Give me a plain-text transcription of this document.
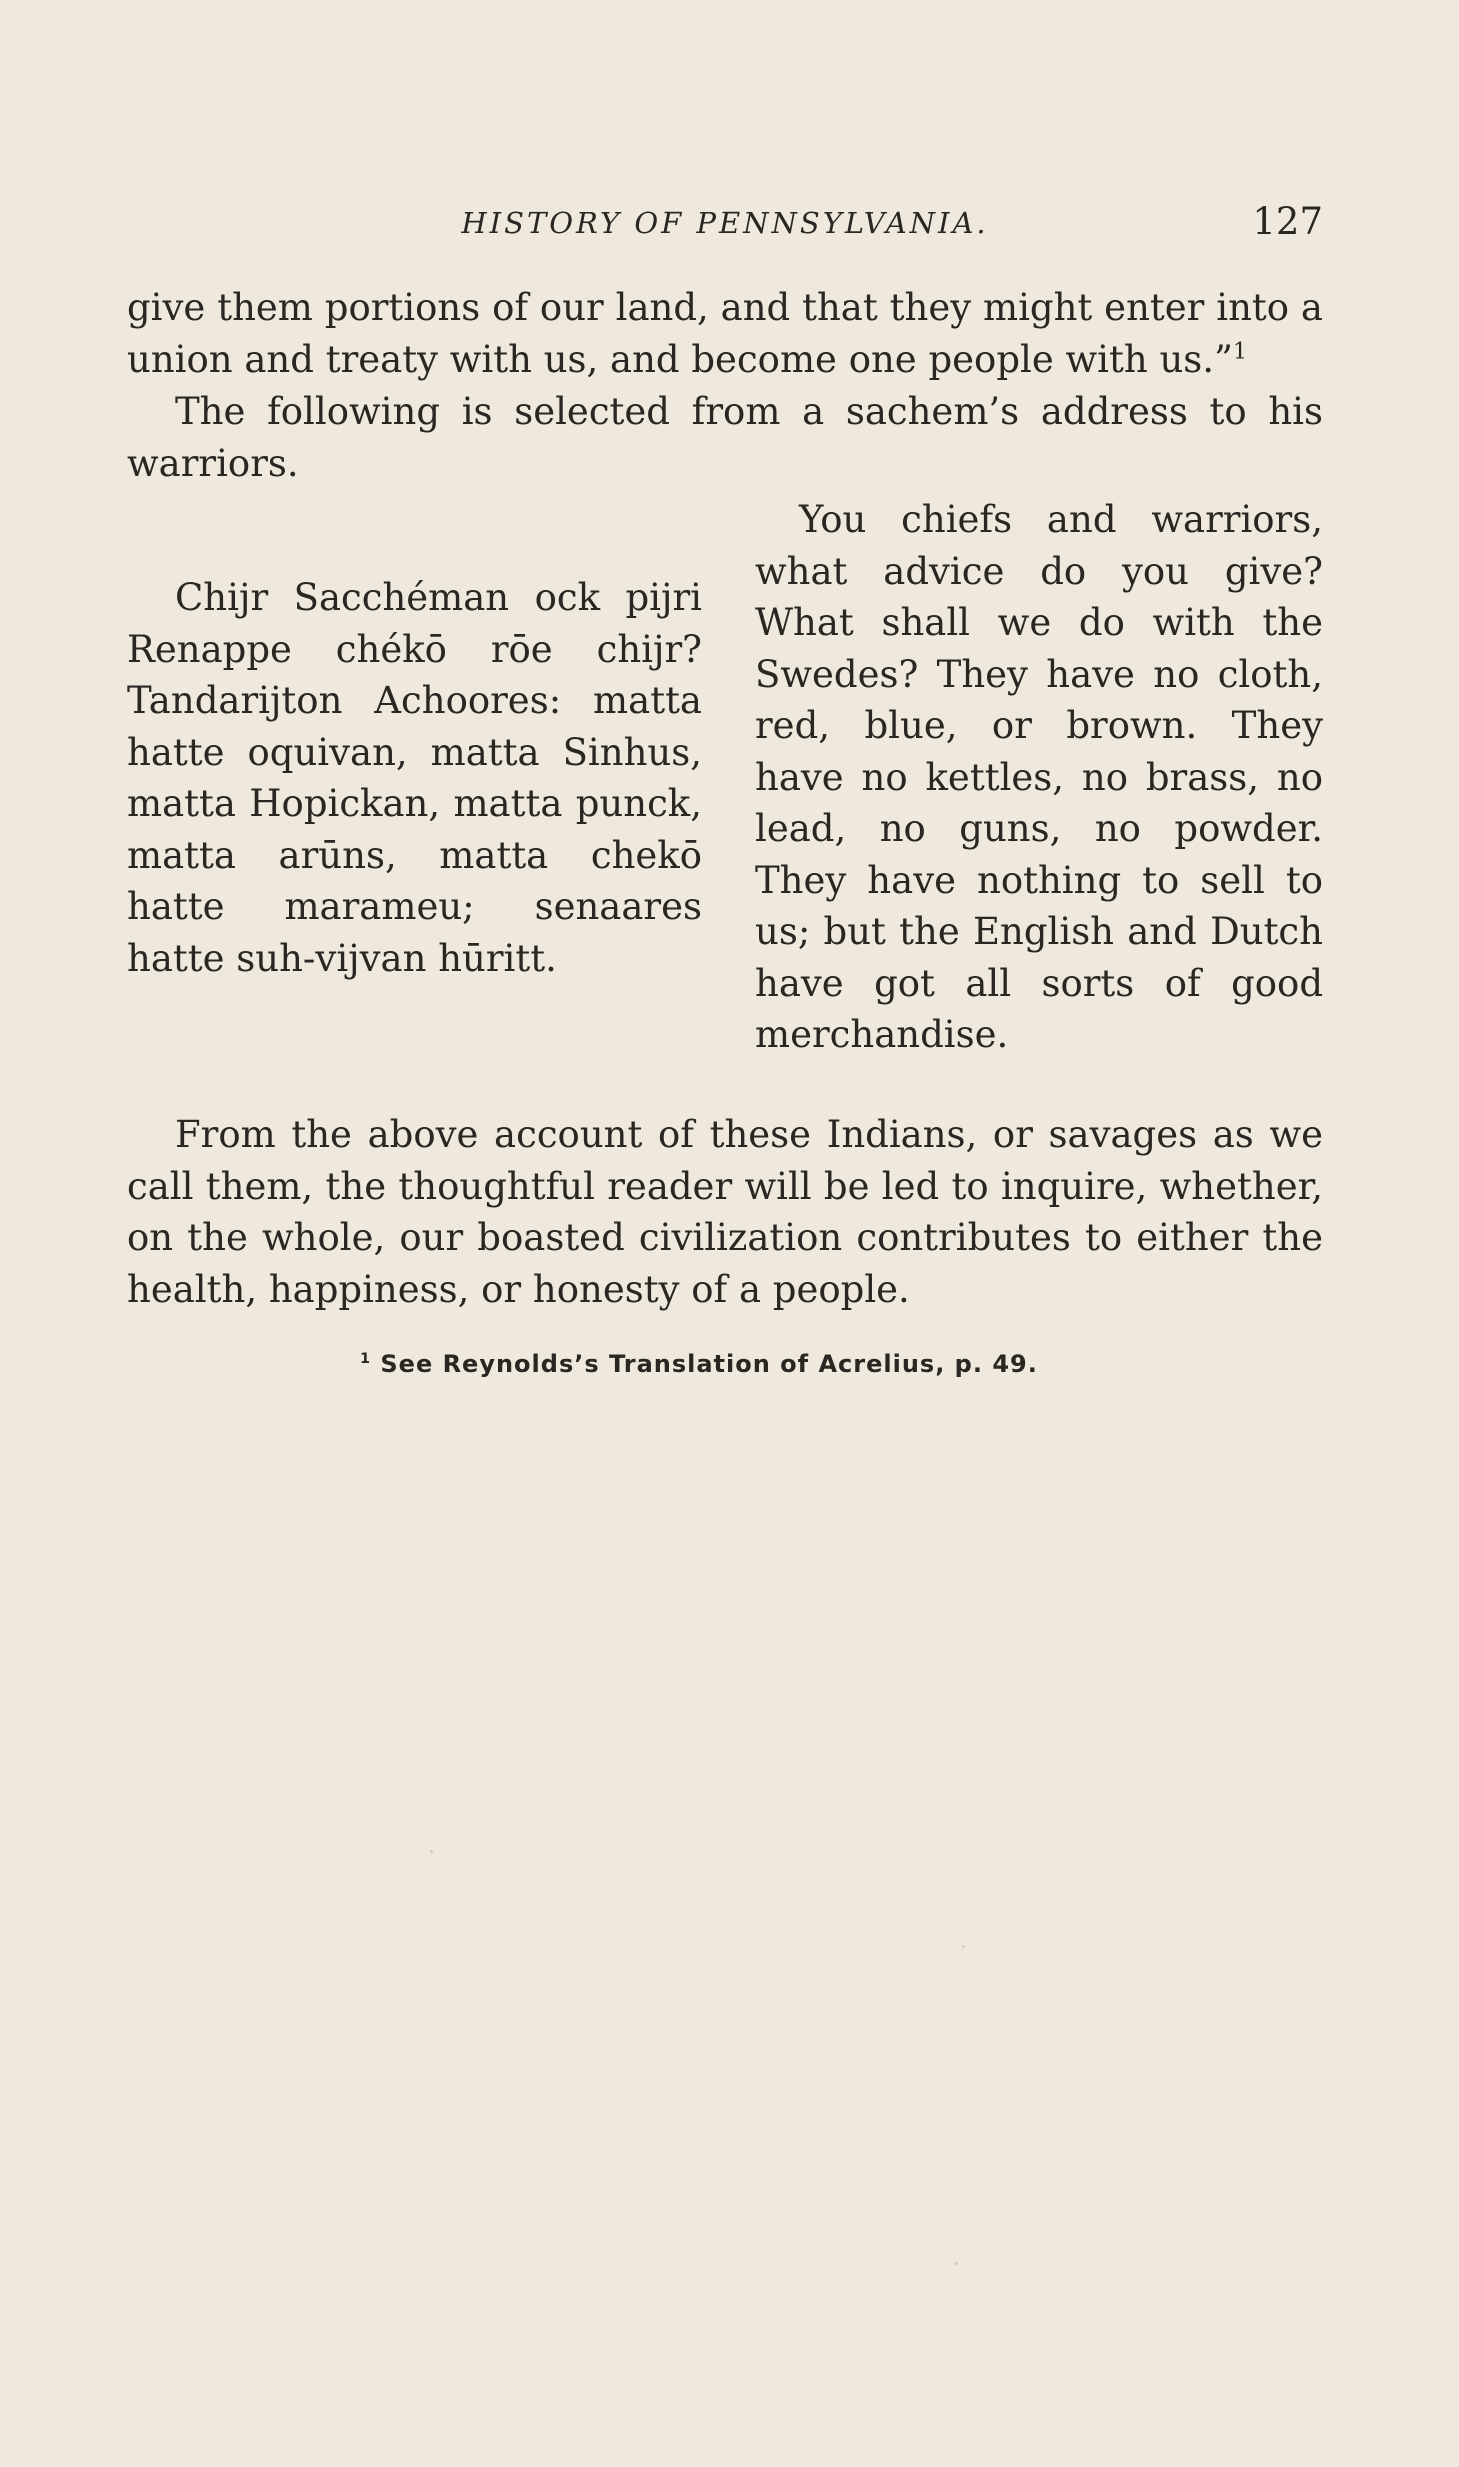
HISTORY OF PENNSYLVANIA.	127

give them portions of our land, and that they might enter into a union and treaty with us, and become one people with us.”$^1$

The following is selected from a sachem’s address to his warriors.

Chijr Sacchéman ock pijri Renappe chékō rōe chijr? Tandarijton Achoores: matta hatte oquivan, matta Sinhus, matta Hopickan, matta punck, matta arūns, matta chekō hatte marameu; senaares hatte suh-vijvan hūritt.

You chiefs and warriors, what advice do you give? What shall we do with the Swedes? They have no cloth, red, blue, or brown. They have no kettles, no brass, no lead, no guns, no powder. They have nothing to sell to us; but the English and Dutch have got all sorts of good merchandise.

From the above account of these Indians, or savages as we call them, the thoughtful reader will be led to inquire, whether, on the whole, our boasted civilization contributes to either the health, happiness, or honesty of a people.

$^1$ See Reynolds’s Translation of Acrelius, p. 49.
